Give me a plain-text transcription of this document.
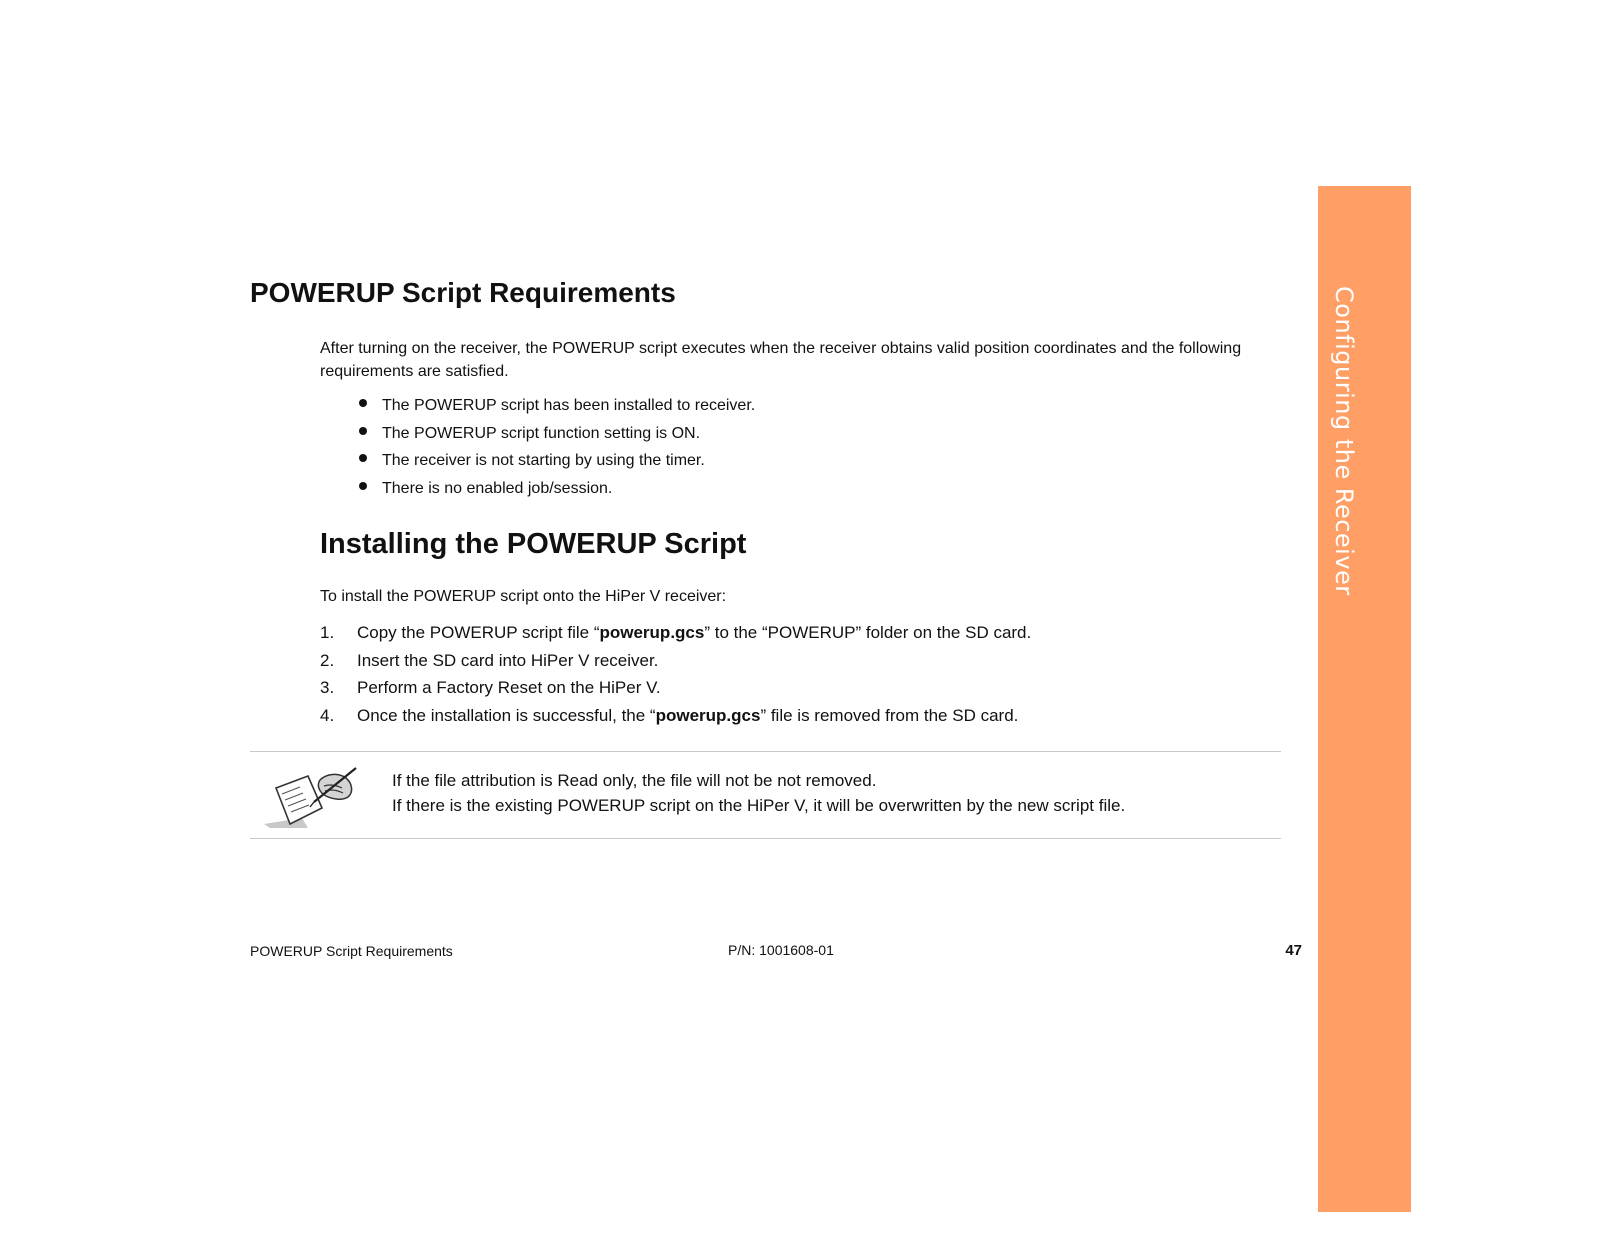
Configuring the Receiver
POWERUP Script Requirements

After turning on the receiver, the POWERUP script executes when the receiver obtains valid position coordinates and the following requirements are satisfied.

The POWERUP script has been installed to receiver.
The POWERUP script function setting is ON.
The receiver is not starting by using the timer.
There is no enabled job/session.
Installing the POWERUP Script
To install the POWERUP script onto the HiPer V receiver:
1. Copy the POWERUP script file “powerup.gcs” to the “POWERUP” folder on the SD card.
2. Insert the SD card into HiPer V receiver.
3. Perform a Factory Reset on the HiPer V.
4. Once the installation is successful, the “powerup.gcs” file is removed from the SD card.
If the file attribution is Read only, the file will not be not removed.
If there is the existing POWERUP script on the HiPer V, it will be overwritten by the new script file.
POWERUP Script Requirements	P/N: 1001608-01	47
